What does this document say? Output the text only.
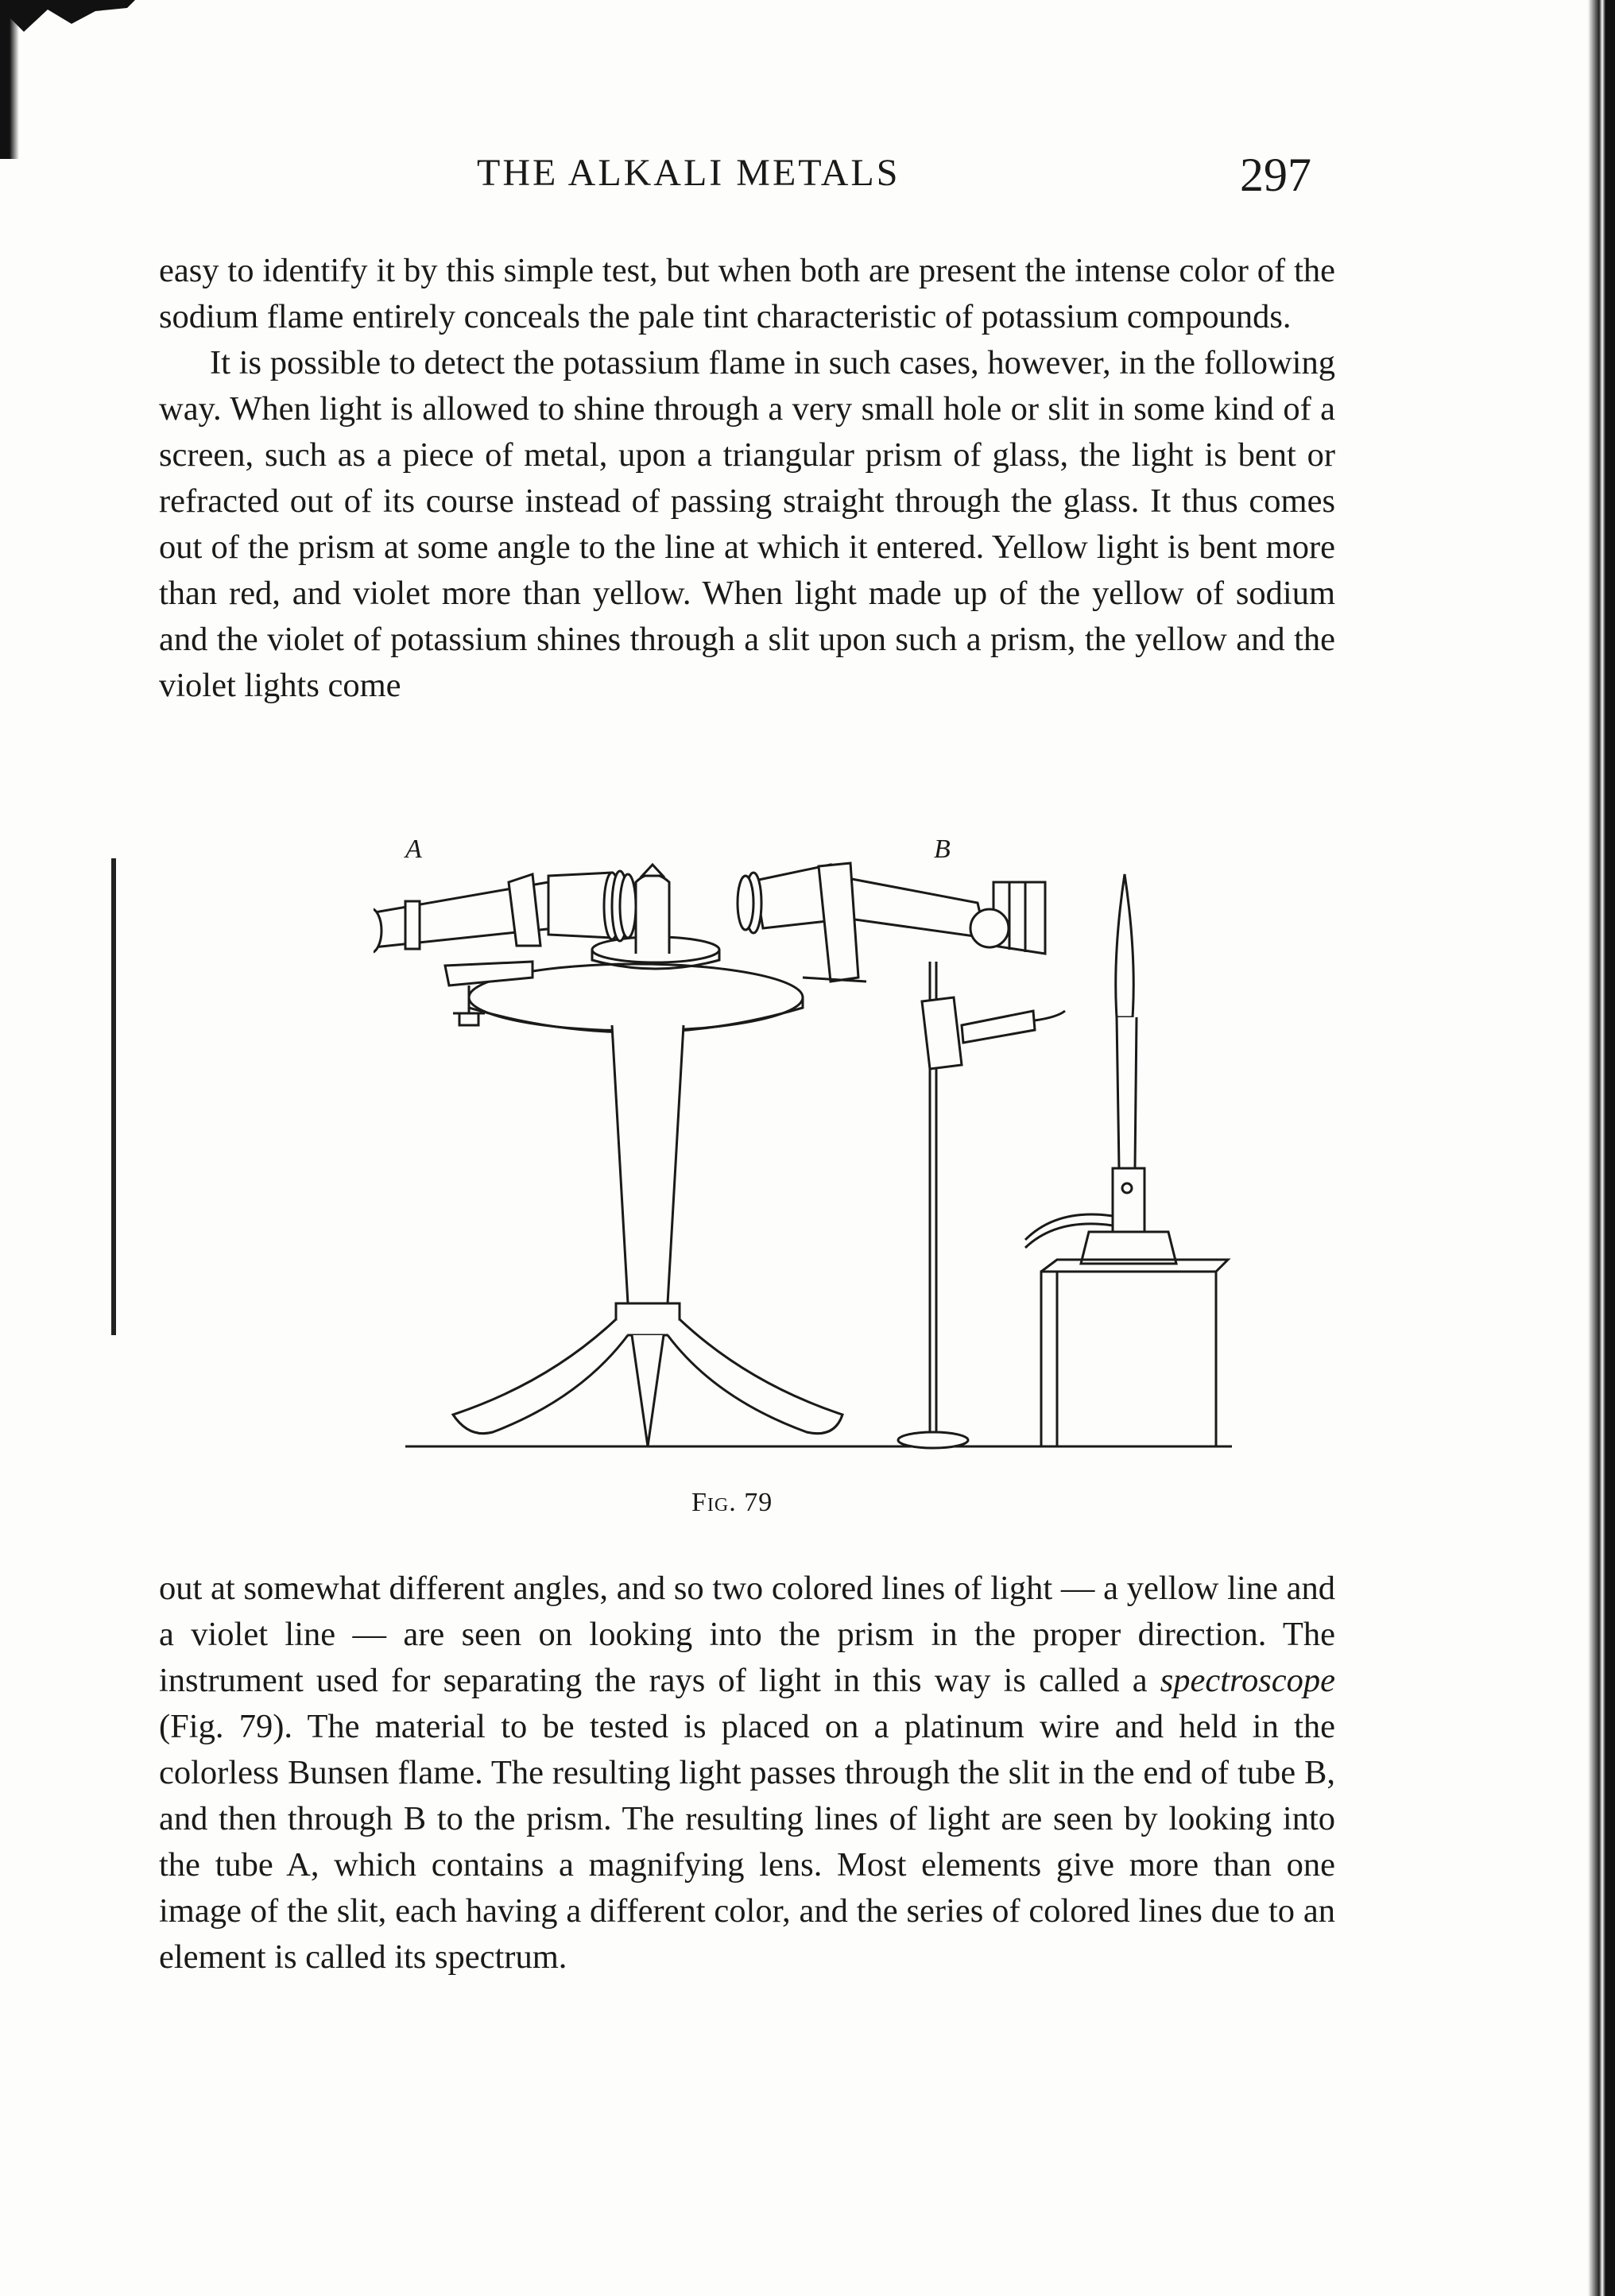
THE ALKALI METALS	297

easy to identify it by this simple test, but when both are present the intense color of the sodium flame entirely conceals the pale tint characteristic of potassium compounds.

It is possible to detect the potassium flame in such cases, however, in the following way. When light is allowed to shine through a very small hole or slit in some kind of a screen, such as a piece of metal, upon a triangular prism of glass, the light is bent or refracted out of its course instead of passing straight through the glass. It thus comes out of the prism at some angle to the line at which it entered. Yellow light is bent more than red, and violet more than yellow. When light made up of the yellow of sodium and the violet of potassium shines through a slit upon such a prism, the yellow and the violet lights come

A	B
Fig. 79

out at somewhat different angles, and so two colored lines of light — a yellow line and a violet line — are seen on looking into the prism in the proper direction. The instrument used for separating the rays of light in this way is called a spectroscope (Fig. 79). The material to be tested is placed on a platinum wire and held in the colorless Bunsen flame. The resulting light passes through the slit in the end of tube B, and then through B to the prism. The resulting lines of light are seen by looking into the tube A, which contains a magnifying lens. Most elements give more than one image of the slit, each having a different color, and the series of colored lines due to an element is called its spectrum.
